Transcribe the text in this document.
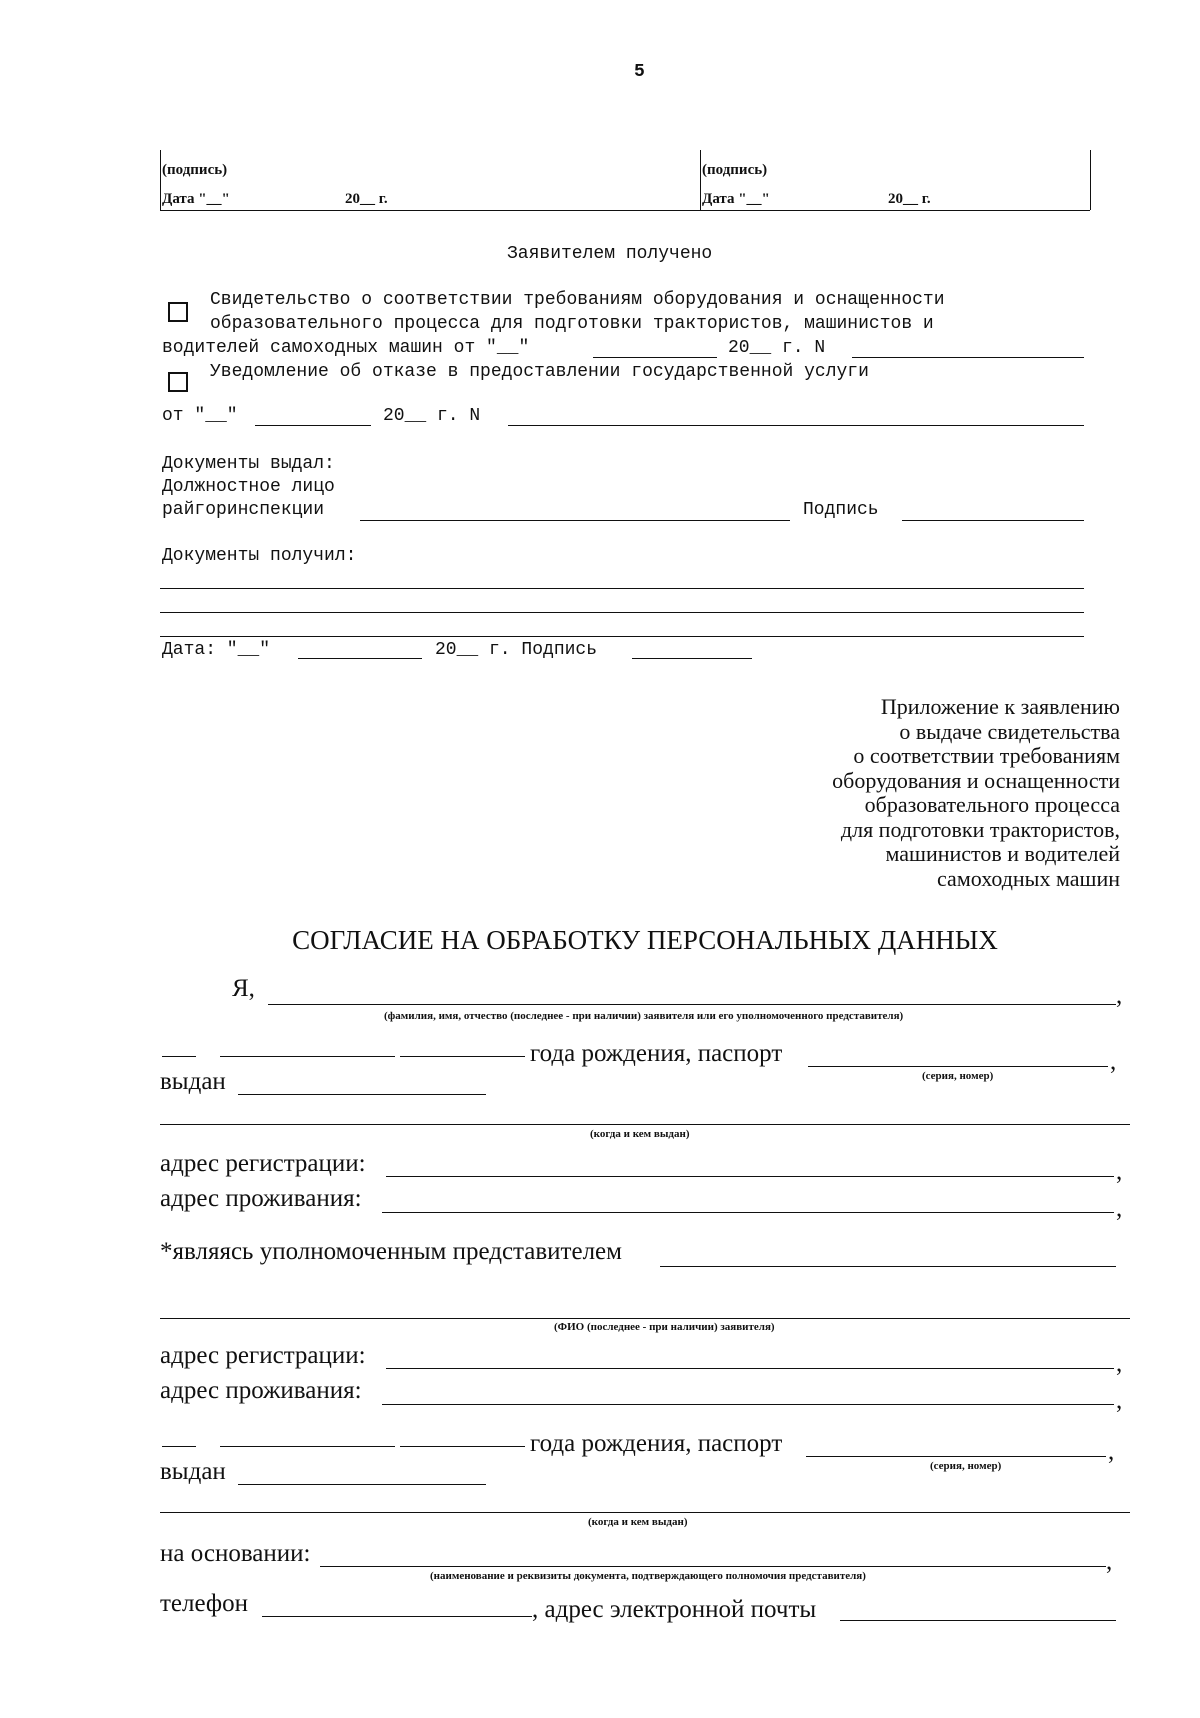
5
(подпись)
Дата "__"	20__ г.
(подпись)
Дата "__"	20__ г.
Заявителем получено
Свидетельство о соответствии требованиям оборудования и оснащенности
образовательного процесса для подготовки трактористов, машинистов и
водителей самоходных машин от "__"	20__ г. N
Уведомление об отказе в предоставлении государственной услуги
от "__"	20__ г. N
Документы выдал:
Должностное лицо
райгоринспекции	Подпись
Документы получил:
Дата: "__"	20__ г. Подпись
Приложение к заявлению
о выдаче свидетельства
о соответствии требованиям
оборудования и оснащенности
образовательного процесса
для подготовки трактористов,
машинистов и водителей
самоходных машин
СОГЛАСИЕ НА ОБРАБОТКУ ПЕРСОНАЛЬНЫХ ДАННЫХ
Я,	,
(фамилия, имя, отчество (последнее - при наличии) заявителя или его уполномоченного представителя)
года рождения, паспорт	,
(серия, номер)
выдан
(когда и кем выдан)
адрес регистрации:	,
адрес проживания:	,
*являясь уполномоченным представителем
(ФИО (последнее - при наличии) заявителя)
адрес регистрации:	,
адрес проживания:	,
года рождения, паспорт	,
(серия, номер)
выдан
(когда и кем выдан)
на основании:	,
(наименование и реквизиты документа, подтверждающего полномочия представителя)
телефон	, адрес электронной почты
